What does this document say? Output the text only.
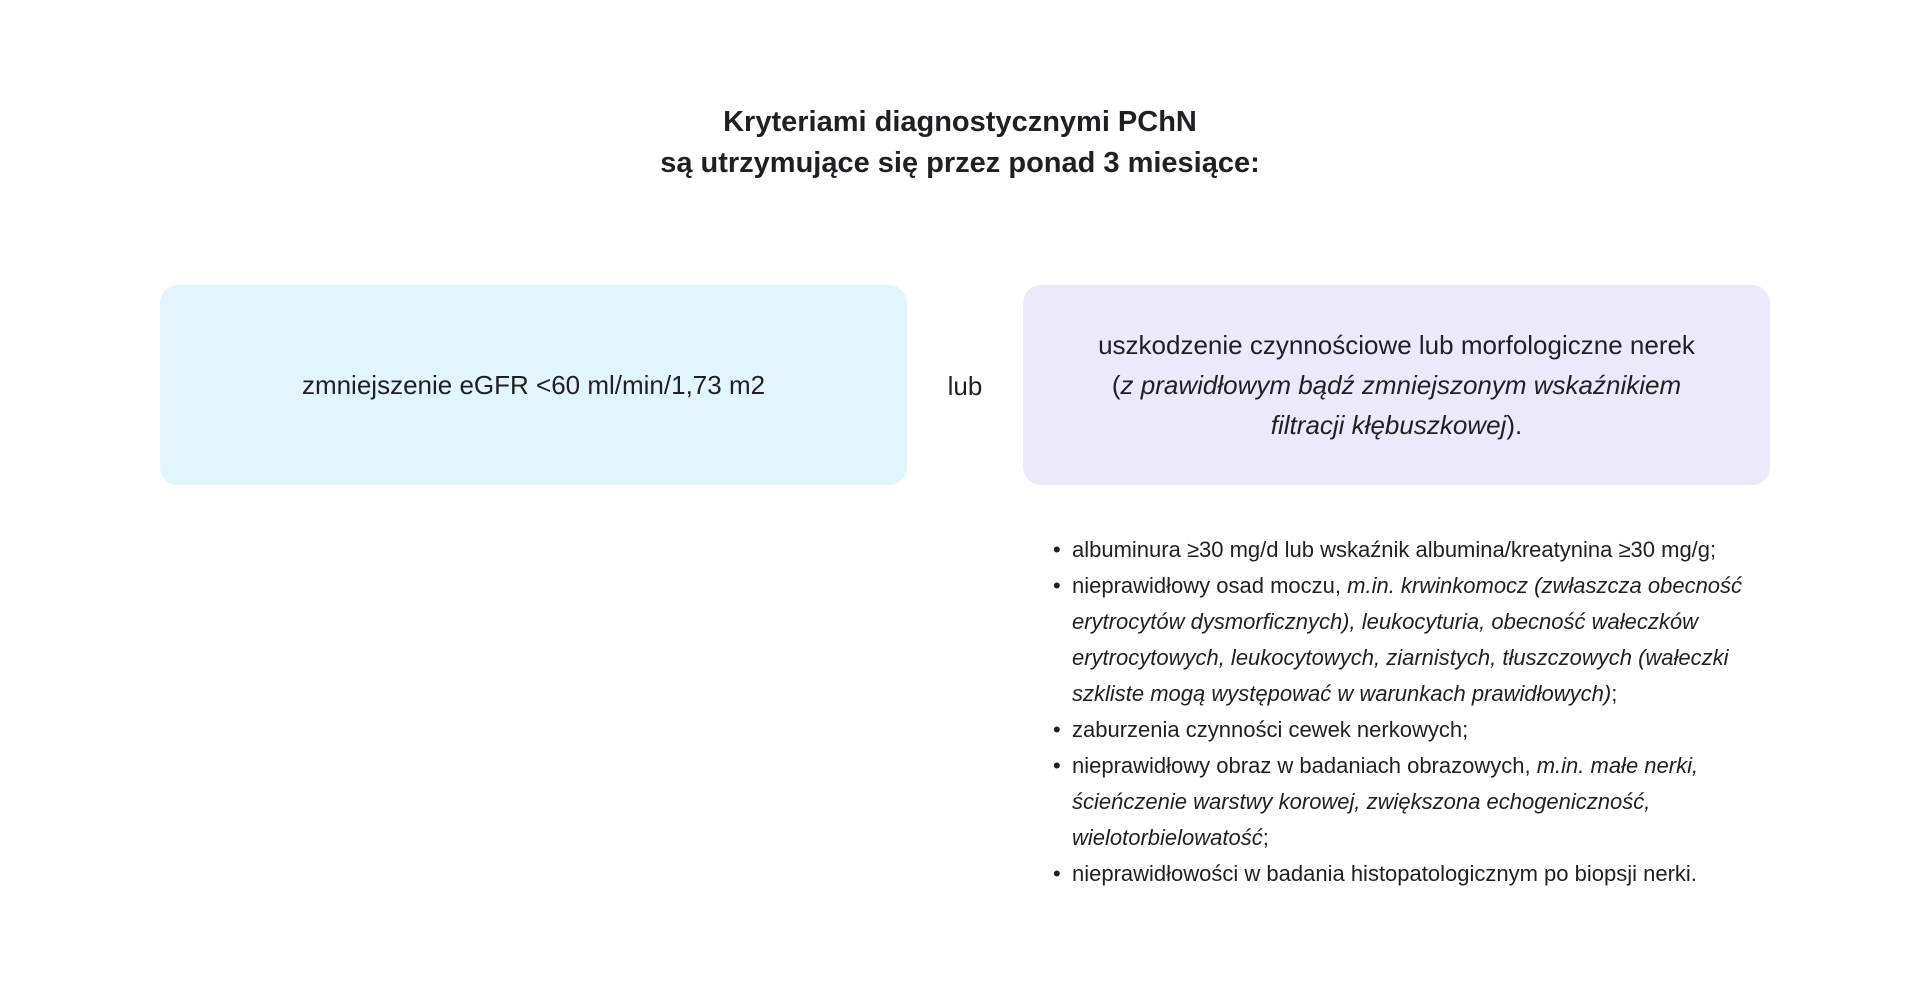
Kryteriami diagnostycznymi PChN
są utrzymujące się przez ponad 3 miesiące:
zmniejszenie eGFR <60 ml/min/1,73 m2	lub
uszkodzenie czynnościowe lub morfologiczne nerek
(z prawidłowym bądź zmniejszonym wskaźnikiem
filtracji kłębuszkowej).
• albuminura ≥30 mg/d lub wskaźnik albumina/kreatynina ≥30 mg/g;
• nieprawidłowy osad moczu, m.in. krwinkomocz (zwłaszcza obecność erytrocytów dysmorficznych), leukocyturia, obecność wałeczków erytrocytowych, leukocytowych, ziarnistych, tłuszczowych (wałeczki szkliste mogą występować w warunkach prawidłowych);
• zaburzenia czynności cewek nerkowych;
• nieprawidłowy obraz w badaniach obrazowych, m.in. małe nerki, ścieńczenie warstwy korowej, zwiększona echogeniczność, wielotorbielowatość;
• nieprawidłowości w badania histopatologicznym po biopsji nerki.
